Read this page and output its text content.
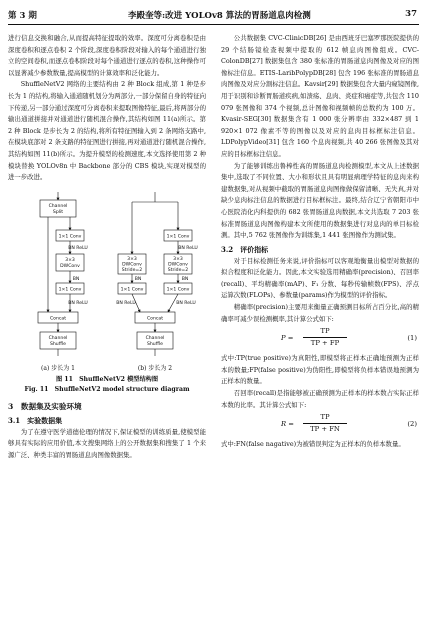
第 3 期	李殿奎等:改进 YOLOv8 算法的胃肠道息肉检测	37

进行信息交换和融合,从而提高特征提取的效率。深度可分离卷积是由深度卷积和逐点卷积 2 个阶段,深度卷积阶段对输入的每个通道进行独立的空间卷积,而逐点卷积阶段对每个通道进行逐点的卷积,这种操作可以显著减少参数数量,提高模型的计算效率和泛化能力。

ShuffleNetV2 网络的主要结构由 2 种 Block 组成,第 1 种是步长为 1 的结构,将输入通道随机划分为两部分,一部分保留自身的特征向下传递,另一部分通过深度可分离卷积来提取图像特征,最后,将两部分的输出通道拼接并对通道进行随机混合操作,其结构如图 11(a)所示。第 2 种 Block 是步长为 2 的结构,将所有特征图输入到 2 条网络支路中,在模块底部对 2 条支路的特征图进行拼接,再对通道进行随机混合操作,其结构如图 11(b)所示。为提升模型的检测速度,本文选择使用第 2 种模块替换 YOLOv8n 中 Backbone 部分的 CBS 模块,实现对模型的进一步改进。

Channel
Split
1×1 Conv
BN ReLU
3×3
DWConv
BN
1×1 Conv
BN ReLU
Concat
Channel
Shuffle
3×3
DWConv
Stride=2
BN
1×1 Conv
BN ReLU
1×1 Conv
BN ReLU
3×3
DWConv
Stride=2
BN
1×1 Conv
BN ReLU
Concat
Channel
Shuffle
(a) 步长为 1	(b) 步长为 2
图 11　ShuffleNetV2 模型结构图
Fig. 11　ShuffleNetV2 model structure diagram
3　数据集及实验环境
3.1　实验数据集

为了在遵守医学道德伦理的情况下,保证模型的训练质量,使模型能够具有实际的应用价值,本文搜集网络上的公开数据集和搜集了 1 个来源广泛、种类丰富的胃肠道息肉图像数据集。

公共数据集 CVC-ClinicDB[26] 是由西班牙巴塞罗那医院提供的 29 个结肠镜检查视频中提取的 612 帧息肉图像组成。CVC-ColonDB[27] 数据集包含 380 张标准的胃肠道息肉图像及对应的图像标注信息。ETIS-LaribPolypDB[28] 包含 196 张标准的胃肠道息肉图像及对应分割标注信息。Kavsir[29] 数据集包含大量内窥镜图像,用于识别和诊断胃肠道疾病,如溃疡、息肉、炎症和癌症等,共包含 110 079 张图像和 374 个视频,总计图像和视频帧的总数约为 100 万。Kvasir-SEG[30] 数据集含有 1 000 张分辨率由 332×487 到 1 920×1 072 像素不等的图像以及对应的息肉目标框标注信息。LDPolypVideo[31] 包含 160 个息肉视频,共 40 266 张图像及其对应的目标框标注信息。

为了能够训练出鲁棒性高的胃肠道息肉检测模型,本文从上述数据集中,选取了不同位置、大小和形状且具有明显病理学特征的息肉来构建数据集,对从视频中截取的胃肠道息肉图像做保留清晰、无失真,并对缺少息肉标注信息的数据进行目标框标注。最终,结合辽宁省朝阳市中心医院消化内科提供的 682 张胃肠道息肉数据,本文共选取 7 203 张标准胃肠道息肉图像构建本文所使用的数据集进行对息肉的单目标检测。其中,5 762 张图像作为训练集,1 441 张图像作为测试集。

3.2　评价指标

对于目标检测任务来说,评价指标可以客观地衡量出模型对数据的拟合程度和泛化能力。因此,本文实验选用精确率(precision)、召回率(recall)、平均精确率(mAP)、F₁ 分数、每秒传输帧数(FPS)、浮点运算次数(FLOPs)、参数量(params)作为模型的评价指标。

精确率(precision)主要用来衡量正确预测目标所占百分比,高的精确率可减少误检测概率,其计算公式如下:

$P = \frac{TP}{TP + FP}$	(1)

式中:TP(true positive)为真阳性,即模型将正样本正确地预测为正样本的数量;FP(false positive)为伪阳性,即模型将负样本错误地预测为正样本的数量。

召回率(recall)是指能够被正确预测为正样本的样本数占实际正样本数的比率。其计算公式如下:

$R = \frac{TP}{TP + FN}$	(2)

式中:FN(false nagative)为被错误判定为正样本的负样本数量。
